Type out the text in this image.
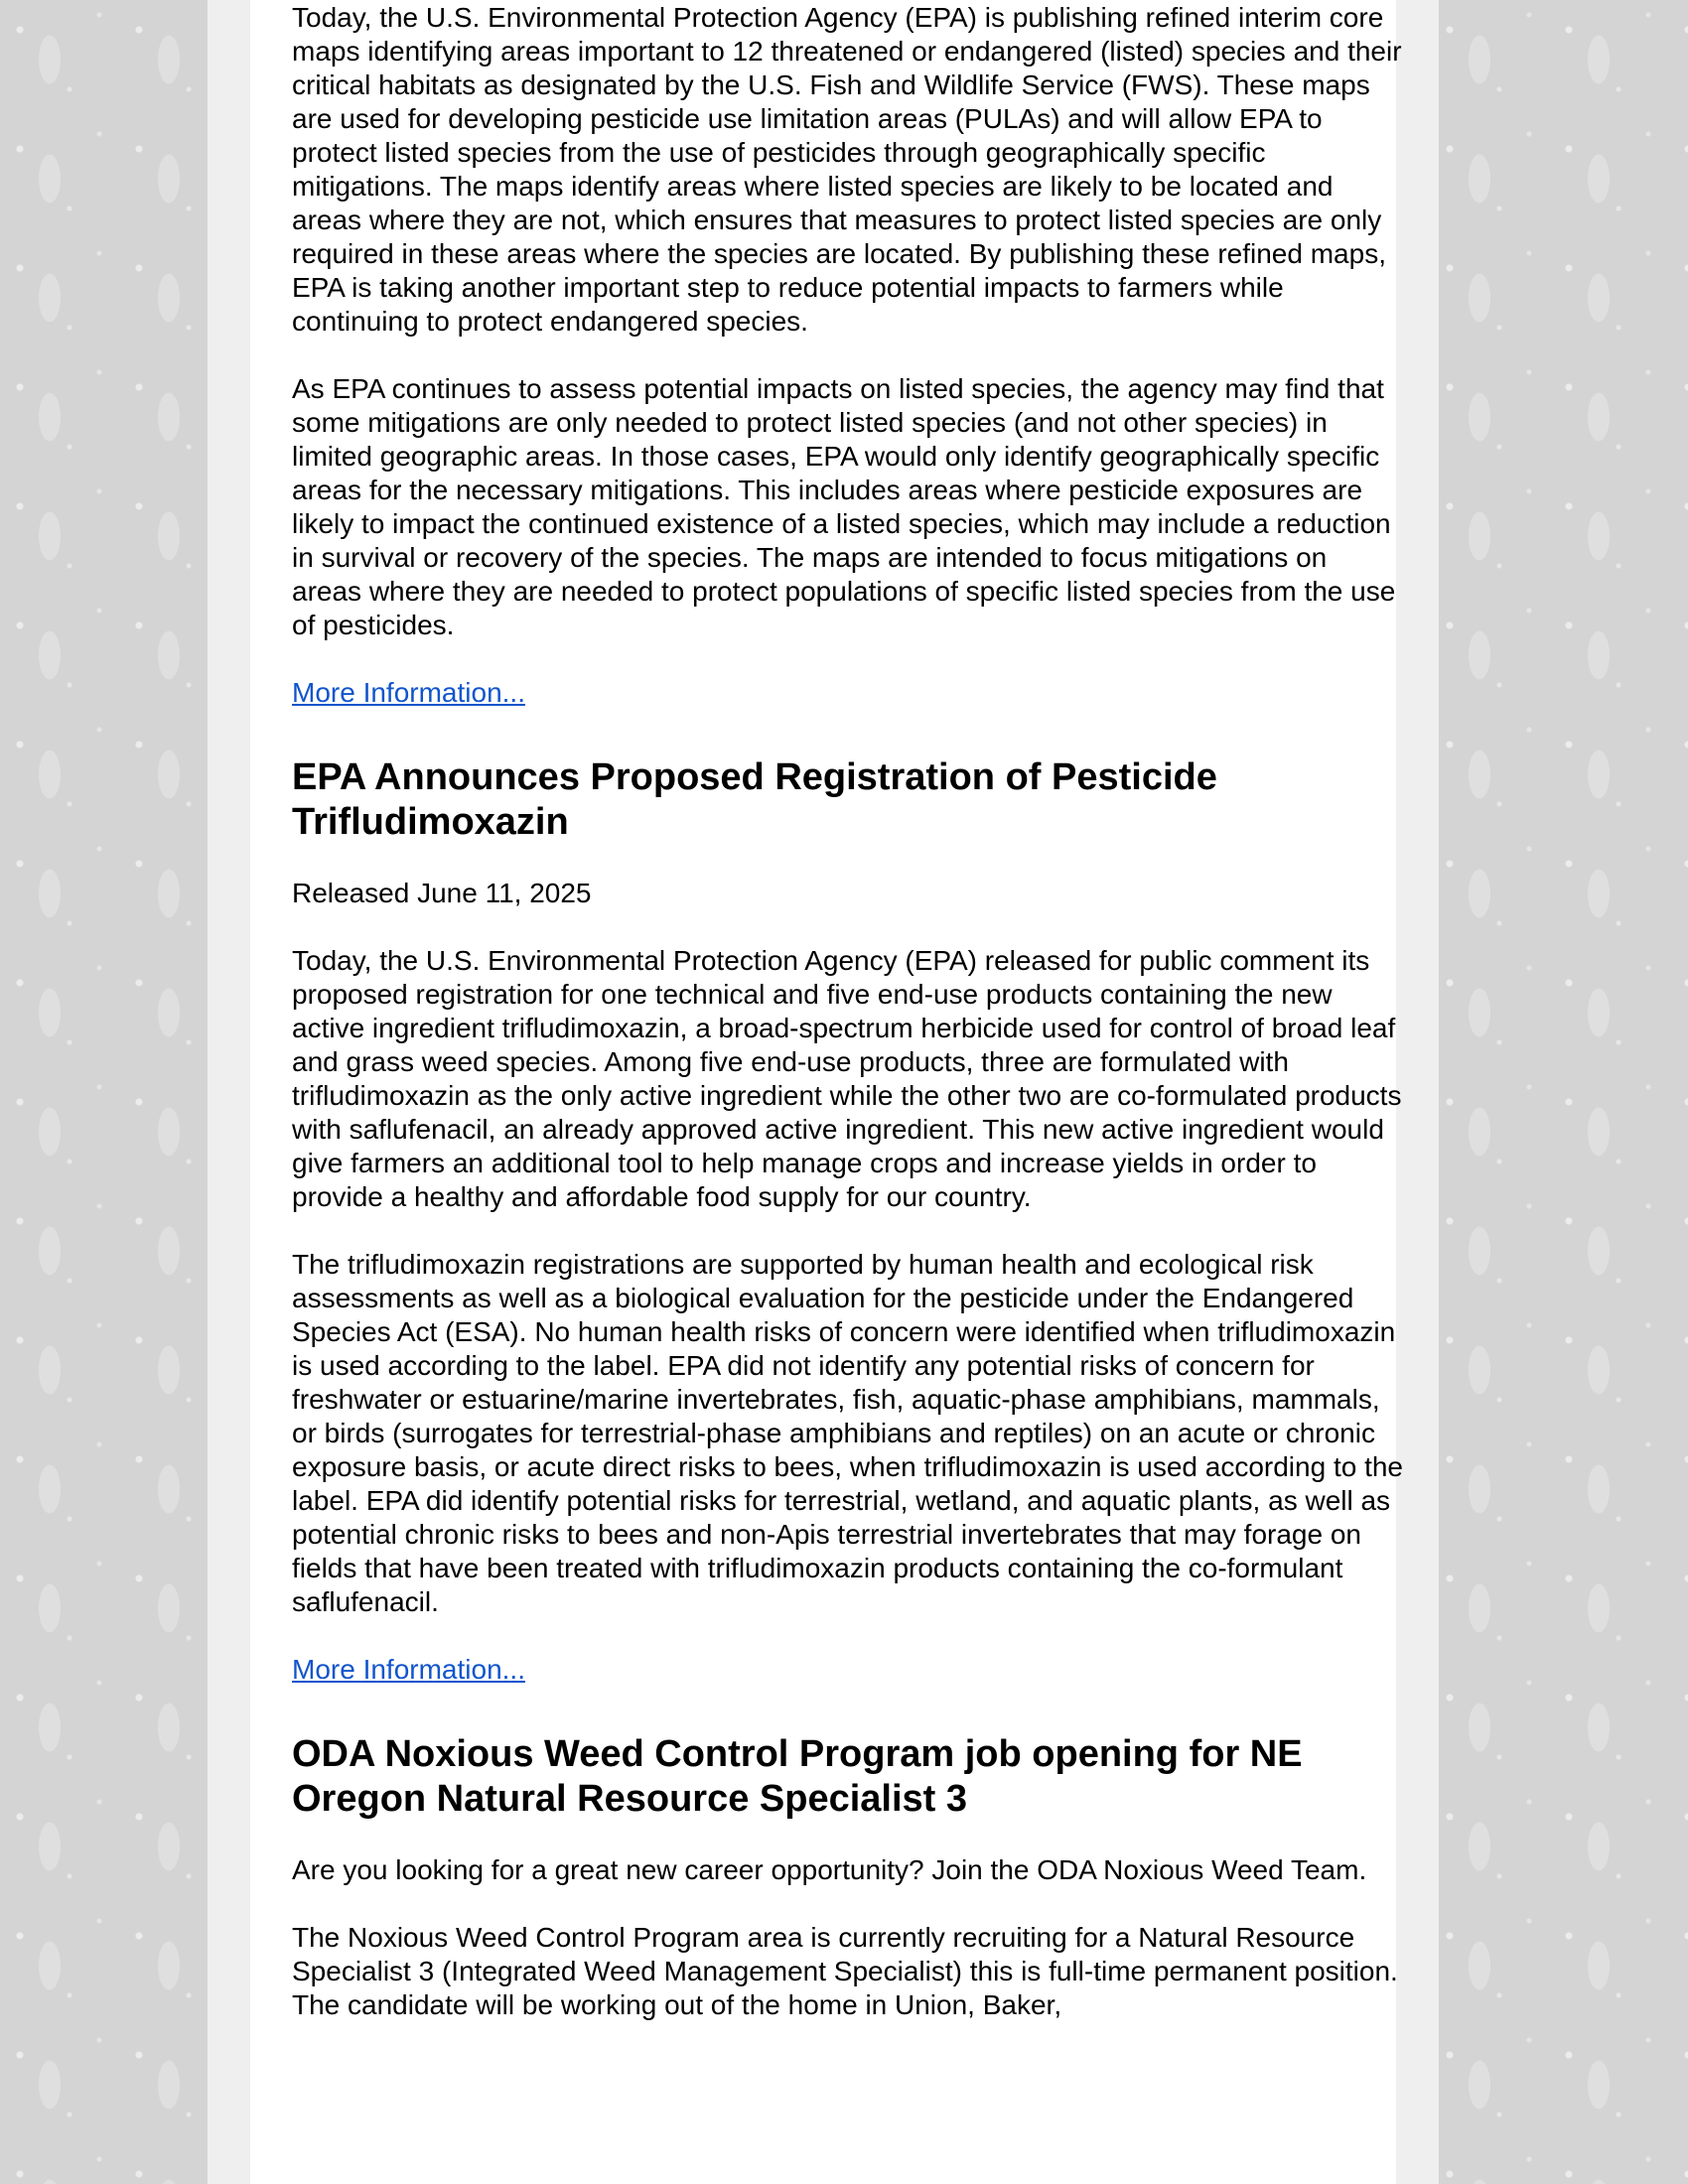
Today, the U.S. Environmental Protection Agency (EPA) is publishing refined interim core maps identifying areas important to 12 threatened or endangered (listed) species and their critical habitats as designated by the U.S. Fish and Wildlife Service (FWS). These maps are used for developing pesticide use limitation areas (PULAs) and will allow EPA to protect listed species from the use of pesticides through geographically specific mitigations. The maps identify areas where listed species are likely to be located and areas where they are not, which ensures that measures to protect listed species are only required in these areas where the species are located. By publishing these refined maps, EPA is taking another important step to reduce potential impacts to farmers while continuing to protect endangered species.

As EPA continues to assess potential impacts on listed species, the agency may find that some mitigations are only needed to protect listed species (and not other species) in limited geographic areas. In those cases, EPA would only identify geographically specific areas for the necessary mitigations. This includes areas where pesticide exposures are likely to impact the continued existence of a listed species, which may include a reduction in survival or recovery of the species. The maps are intended to focus mitigations on areas where they are needed to protect populations of specific listed species from the use of pesticides.

More Information...
EPA Announces Proposed Registration of Pesticide Trifludimoxazin

Released June 11, 2025

Today, the U.S. Environmental Protection Agency (EPA) released for public comment its proposed registration for one technical and five end-use products containing the new active ingredient trifludimoxazin, a broad-spectrum herbicide used for control of broad leaf and grass weed species. Among five end-use products, three are formulated with trifludimoxazin as the only active ingredient while the other two are co-formulated products with saflufenacil, an already approved active ingredient. This new active ingredient would give farmers an additional tool to help manage crops and increase yields in order to provide a healthy and affordable food supply for our country.

The trifludimoxazin registrations are supported by human health and ecological risk assessments as well as a biological evaluation for the pesticide under the Endangered Species Act (ESA). No human health risks of concern were identified when trifludimoxazin is used according to the label. EPA did not identify any potential risks of concern for freshwater or estuarine/marine invertebrates, fish, aquatic-phase amphibians, mammals, or birds (surrogates for terrestrial-phase amphibians and reptiles) on an acute or chronic exposure basis, or acute direct risks to bees, when trifludimoxazin is used according to the label. EPA did identify potential risks for terrestrial, wetland, and aquatic plants, as well as potential chronic risks to bees and non-Apis terrestrial invertebrates that may forage on fields that have been treated with trifludimoxazin products containing the co-formulant saflufenacil.

More Information...
ODA Noxious Weed Control Program job opening for NE Oregon Natural Resource Specialist 3

Are you looking for a great new career opportunity? Join the ODA Noxious Weed Team.

The Noxious Weed Control Program area is currently recruiting for a Natural Resource Specialist 3 (Integrated Weed Management Specialist) this is full-time permanent position. The candidate will be working out of the home in Union, Baker,
